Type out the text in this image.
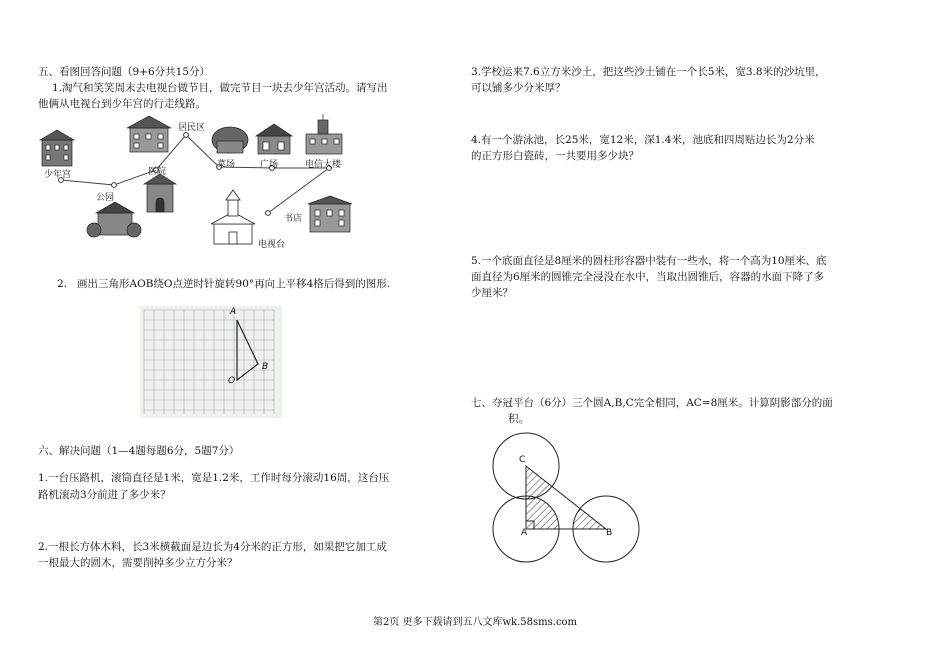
五、看图回答问题（9+6分共15分）
1.淘气和笑笑周末去电视台做节目，做完节目一块去少年宫活动。请写出
他俩从电视台到少年宫的行走线路。
少年宫
公园
医院
居民区
菜场	广场	电信大楼
书店
电视台
2. 画出三角形AOB绕O点逆时针旋转90°再向上平移4格后得到的图形.
A
O
B
六、解决问题（1—4题每题6分，5题7分）
1.一台压路机，滚筒直径是1米，宽是1.2米，工作时每分滚动16周，这台压
路机滚动3分前进了多少米？
2.一根长方体木料，长3米横截面是边长为4分米的正方形，如果把它加工成
一根最大的圆木，需要削掉多少立方分米？
3.学校运来7.6立方米沙土，把这些沙土铺在一个长5米，宽3.8米的沙坑里，
可以铺多少分米厚？
4.有一个游泳池，长25米，宽12米，深1.4米，池底和四周贴边长为2分米
的正方形白瓷砖，一共要用多少块？
5.一个底面直径是8厘米的圆柱形容器中装有一些水，将一个高为10厘米、底
面直径为6厘米的圆锥完全浸没在水中，当取出圆锥后，容器的水面下降了多
少厘米？
七、夺冠平台（6分）三个圆A,B,C完全相同，AC=8厘米。计算阴影部分的面
积。
C
A	B
第2页 更多下载请到五八文库wk.58sms.com
